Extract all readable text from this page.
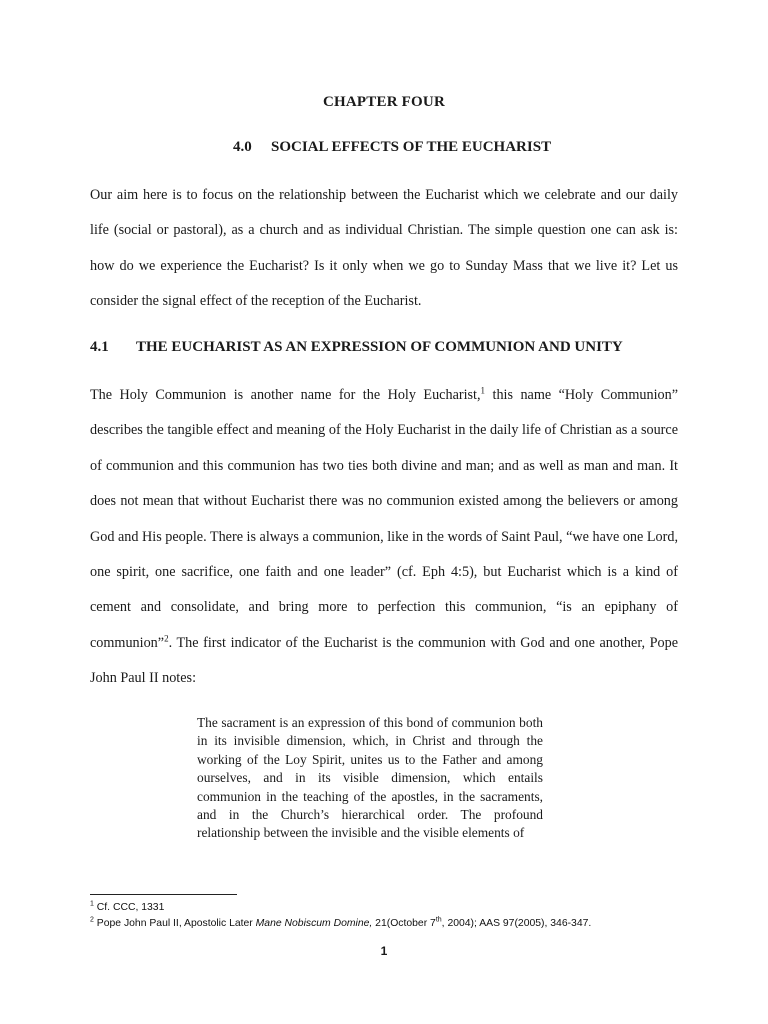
CHAPTER FOUR
4.0 SOCIAL EFFECTS OF THE EUCHARIST

Our aim here is to focus on the relationship between the Eucharist which we celebrate and our daily life (social or pastoral), as a church and as individual Christian. The simple question one can ask is: how do we experience the Eucharist? Is it only when we go to Sunday Mass that we live it? Let us consider the signal effect of the reception of the Eucharist.

4.1 THE EUCHARIST AS AN EXPRESSION OF COMMUNION AND UNITY

The Holy Communion is another name for the Holy Eucharist,$^1$ this name “Holy Communion” describes the tangible effect and meaning of the Holy Eucharist in the daily life of Christian as a source of communion and this communion has two ties both divine and man; and as well as man and man. It does not mean that without Eucharist there was no communion existed among the believers or among God and His people. There is always a communion, like in the words of Saint Paul, “we have one Lord, one spirit, one sacrifice, one faith and one leader” (cf. Eph 4:5), but Eucharist which is a kind of cement and consolidate, and bring more to perfection this communion, “is an epiphany of communion”$^2$. The first indicator of the Eucharist is the communion with God and one another, Pope John Paul II notes:

The sacrament is an expression of this bond of communion both in its invisible dimension, which, in Christ and through the working of the Loy Spirit, unites us to the Father and among ourselves, and in its visible dimension, which entails communion in the teaching of the apostles, in the sacraments, and in the Church’s hierarchical order. The profound relationship between the invisible and the visible elements of

$^1$ Cf. CCC, 1331

$^2$ Pope John Paul II, Apostolic Later Mane Nobiscum Domine, 21(October 7th, 2004); AAS 97(2005), 346-347.

1
